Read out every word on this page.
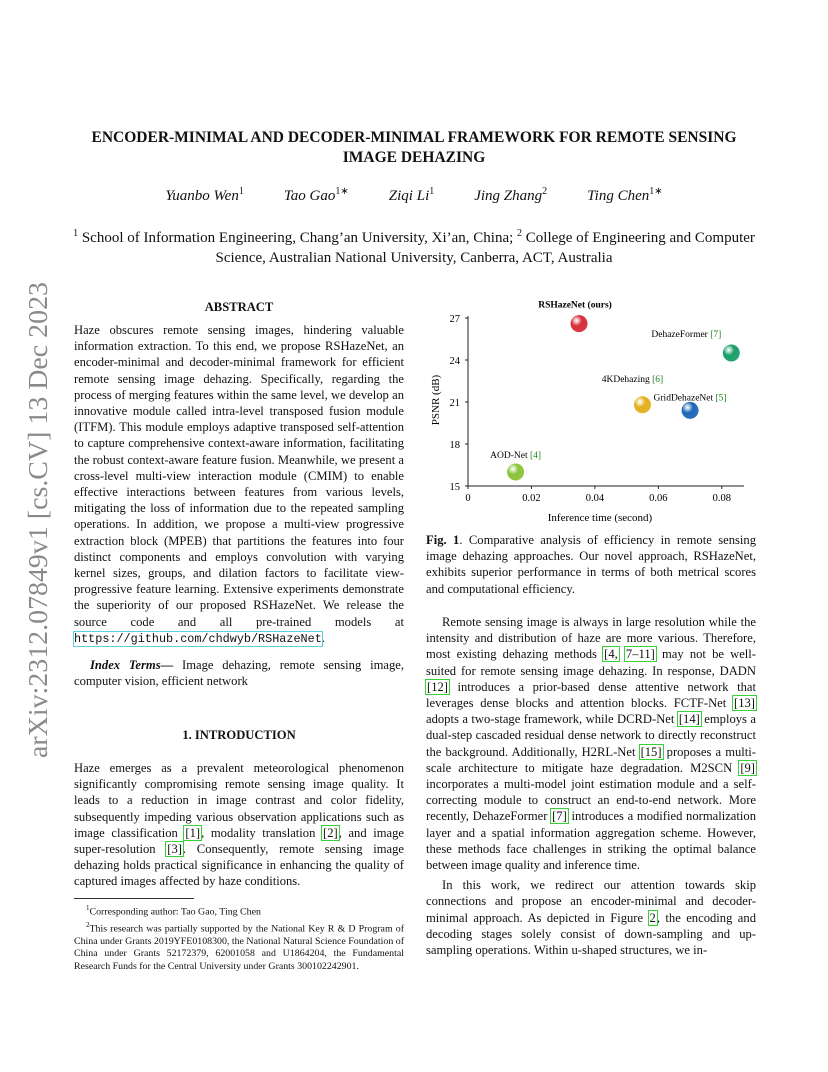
arXiv:2312.07849v1 [cs.CV] 13 Dec 2023
ENCODER-MINIMAL AND DECODER-MINIMAL FRAMEWORK FOR REMOTE SENSING
IMAGE DEHAZING
Yuanbo Wen$^1$	Tao Gao$^{1∗}$	Ziqi Li$^1$	Jing Zhang$^2$	Ting Chen$^{1∗}$
$^1$ School of Information Engineering, Chang’an University, Xi’an, China; $^2$ College of Engineering and Computer Science, Australian National University, Canberra, ACT, Australia
ABSTRACT

Haze obscures remote sensing images, hindering valuable information extraction. To this end, we propose RSHazeNet, an encoder-minimal and decoder-minimal framework for efficient remote sensing image dehazing. Specifically, regarding the process of merging features within the same level, we develop an innovative module called intra-level transposed fusion module (ITFM). This module employs adaptive transposed self-attention to capture comprehensive context-aware information, facilitating the robust context-aware feature fusion. Meanwhile, we present a cross-level multi-view interaction module (CMIM) to enable effective interactions between features from various levels, mitigating the loss of information due to the repeated sampling operations. In addition, we propose a multi-view progressive extraction block (MPEB) that partitions the features into four distinct components and employs convolution with varying kernel sizes, groups, and dilation factors to facilitate view-progressive feature learning. Extensive experiments demonstrate the superiority of our proposed RSHazeNet. We release the source code and all pre-trained models at https://github.com/chdwyb/RSHazeNet.

Index Terms— Image dehazing, remote sensing image, computer vision, efficient network

1. INTRODUCTION

Haze emerges as a prevalent meteorological phenomenon significantly compromising remote sensing image quality. It leads to a reduction in image contrast and color fidelity, subsequently impeding various observation applications such as image classification [1], modality translation [2], and image super-resolution [3]. Consequently, remote sensing image dehazing holds practical significance in enhancing the quality of captured images affected by haze conditions.

$^1$Corresponding author: Tao Gao, Ting Chen

$^2$This research was partially supported by the National Key R & D Program of China under Grants 2019YFE0108300, the National Natural Science Foundation of China under Grants 52172379, 62001058 and U1864204, the Fundamental Research Funds for the Central University under Grants 300102242901.

0	0.02	0.04	0.06	0.08
15
18
21
24
27
RSHazeNet (ours)
DehazeFormer [7]
4KDehazing [6]
GridDehazeNet [5]
AOD-Net [4]
Inference time (second)
PSNR (dB)
Fig. 1. Comparative analysis of efficiency in remote sensing image dehazing approaches. Our novel approach, RSHazeNet, exhibits superior performance in terms of both metrical scores and computational efficiency.

Remote sensing image is always in large resolution while the intensity and distribution of haze are more various. Therefore, most existing dehazing methods [4, 7–11] may not be well-suited for remote sensing image dehazing. In response, DADN [12] introduces a prior-based dense attentive network that leverages dense blocks and attention blocks. FCTF-Net [13] adopts a two-stage framework, while DCRD-Net [14] employs a dual-step cascaded residual dense network to directly reconstruct the background. Additionally, H2RL-Net [15] proposes a multi-scale architecture to mitigate haze degradation. M2SCN [9] incorporates a multi-model joint estimation module and a self-correcting module to construct an end-to-end network. More recently, DehazeFormer [7] introduces a modified normalization layer and a spatial information aggregation scheme. However, these methods face challenges in striking the optimal balance between image quality and inference time.

In this work, we redirect our attention towards skip connections and propose an encoder-minimal and decoder-minimal approach. As depicted in Figure 2, the encoding and decoding stages solely consist of down-sampling and up-sampling operations. Within u-shaped structures, we in-
